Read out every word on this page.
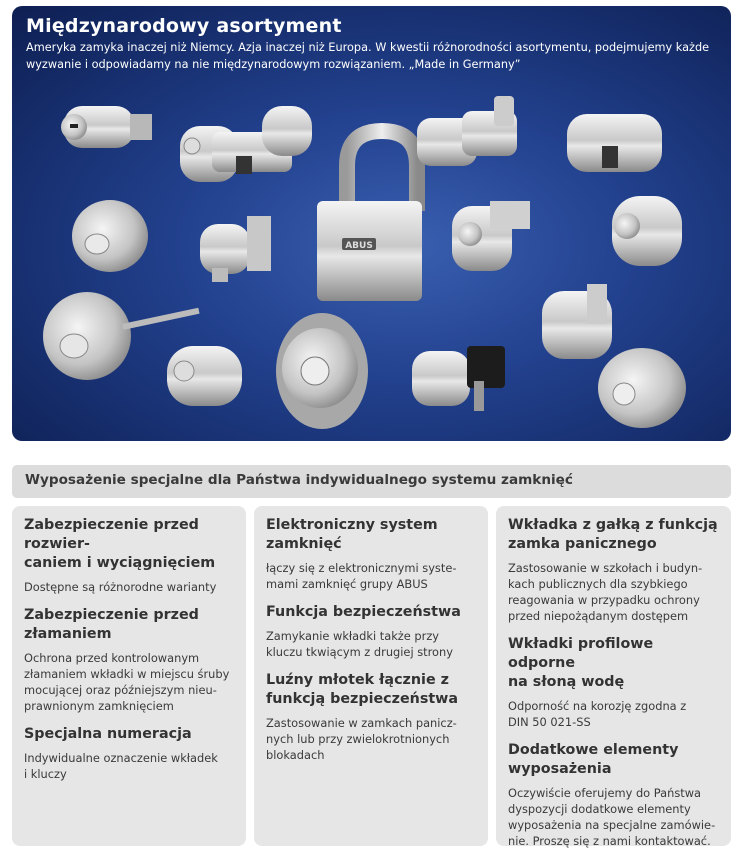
ABUS
Międzynarodowy asortyment

Ameryka zamyka inaczej niż Niemcy. Azja inaczej niż Europa. W kwestii różnorodności asortymentu, podejmujemy każde wyzwanie i odpowiadamy na nie międzynarodowym rozwiązaniem. „Made in Germany”

Wyposażenie specjalne dla Państwa indywidualnego systemu zamknięć
Zabezpieczenie przed rozwier-
caniem i wyciągnięciem

Dostępne są różnorodne warianty

Zabezpieczenie przed
złamaniem

Ochrona przed kontrolowanym
złamaniem wkładki w miejscu śruby
mocującej oraz późniejszym nieu-
prawnionym zamknięciem

Specjalna numeracja

Indywidualne oznaczenie wkładek
i kluczy

Elektroniczny system
zamknięć

łączy się z elektronicznymi syste-
mami zamknięć grupy ABUS

Funkcja bezpieczeństwa

Zamykanie wkładki także przy
kluczu tkwiącym z drugiej strony

Luźny młotek łącznie z
funkcją bezpieczeństwa

Zastosowanie w zamkach panicz-
nych lub przy zwielokrotnionych
blokadach

Wkładka z gałką z funkcją
zamka panicznego

Zastosowanie w szkołach i budyn-
kach publicznych dla szybkiego
reagowania w przypadku ochrony
przed niepożądanym dostępem

Wkładki profilowe odporne
na słoną wodę

Odporność na korozję zgodna z
DIN 50 021-SS

Dodatkowe elementy
wyposażenia

Oczywiście oferujemy do Państwa
dyspozycji dodatkowe elementy
wyposażenia na specjalne zamówie-
nie. Proszę się z nami kontaktować.
